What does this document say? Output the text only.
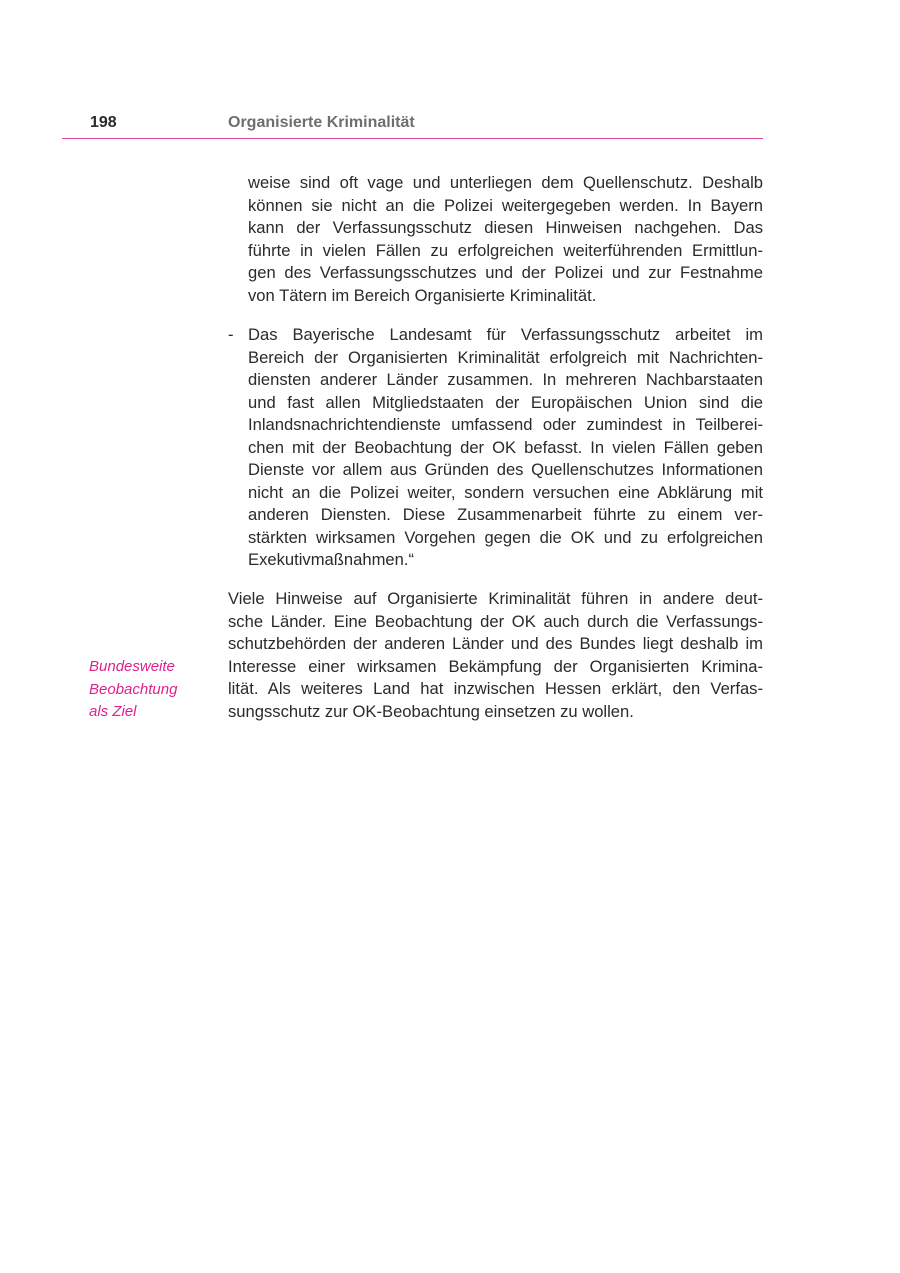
198	Organisierte Kriminalität
weise sind oft vage und unterliegen dem Quellenschutz. Deshalb
können sie nicht an die Polizei weitergegeben werden. In Bayern
kann der Verfassungsschutz diesen Hinweisen nachgehen. Das
führte in vielen Fällen zu erfolgreichen weiterführenden Ermittlun-
gen des Verfassungsschutzes und der Polizei und zur Festnahme
von Tätern im Bereich Organisierte Kriminalität.
- Das Bayerische Landesamt für Verfassungsschutz arbeitet im
Bereich der Organisierten Kriminalität erfolgreich mit Nachrichten-
diensten anderer Länder zusammen. In mehreren Nachbarstaaten
und fast allen Mitgliedstaaten der Europäischen Union sind die
Inlandsnachrichtendienste umfassend oder zumindest in Teilberei-
chen mit der Beobachtung der OK befasst. In vielen Fällen geben
Dienste vor allem aus Gründen des Quellenschutzes Informationen
nicht an die Polizei weiter, sondern versuchen eine Abklärung mit
anderen Diensten. Diese Zusammenarbeit führte zu einem ver-
stärkten wirksamen Vorgehen gegen die OK und zu erfolgreichen
Exekutivmaßnahmen.“
Bundesweite
Beobachtung
als Ziel
Viele Hinweise auf Organisierte Kriminalität führen in andere deut-
sche Länder. Eine Beobachtung der OK auch durch die Verfassungs-
schutzbehörden der anderen Länder und des Bundes liegt deshalb im
Interesse einer wirksamen Bekämpfung der Organisierten Krimina-
lität. Als weiteres Land hat inzwischen Hessen erklärt, den Verfas-
sungsschutz zur OK-Beobachtung einsetzen zu wollen.
